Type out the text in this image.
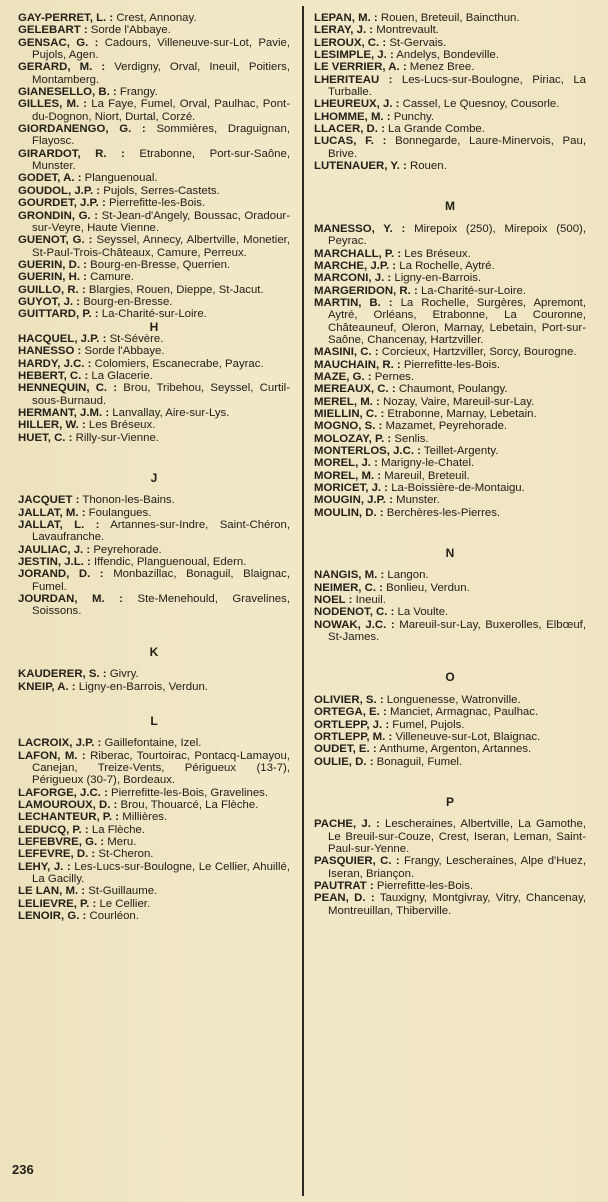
GAY-PERRET, L. : Crest, Annonay.

GELEBART : Sorde l'Abbaye.

GENSAC, G. : Cadours, Villeneuve-sur-Lot, Pavie, Pujols, Agen.

GERARD, M. : Verdigny, Orval, Ineuil, Poitiers, Montamberg.

GIANESELLO, B. : Frangy.

GILLES, M. : La Faye, Fumel, Orval, Paulhac, Pont-du-Dognon, Niort, Durtal, Corzé.

GIORDANENGO, G. : Sommières, Draguignan, Flayosc.

GIRARDOT, R. : Etrabonne, Port-sur-Saône, Munster.

GODET, A. : Planguenoual.

GOUDOL, J.P. : Pujols, Serres-Castets.

GOURDET, J.P. : Pierrefitte-les-Bois.

GRONDIN, G. : St-Jean-d'Angely, Boussac, Oradour-sur-Veyre, Haute Vienne.

GUENOT, G. : Seyssel, Annecy, Albertville, Monetier, St-Paul-Trois-Châteaux, Camure, Perreux.

GUERIN, D. : Bourg-en-Bresse, Querrien.

GUERIN, H. : Camure.

GUILLO, R. : Blargies, Rouen, Dieppe, St-Jacut.

GUYOT, J. : Bourg-en-Bresse.

GUITTARD, P. : La-Charité-sur-Loire.

H

HACQUEL, J.P. : St-Sévère.

HANESSO : Sorde l'Abbaye.

HARDY, J.C. : Colomiers, Escanecrabe, Payrac.

HEBERT, C. : La Glacerie.

HENNEQUIN, C. : Brou, Tribehou, Seyssel, Curtil-sous-Burnaud.

HERMANT, J.M. : Lanvallay, Aire-sur-Lys.

HILLER, W. : Les Bréseux.

HUET, C. : Rilly-sur-Vienne.

J

JACQUET : Thonon-les-Bains.

JALLAT, M. : Foulangues.

JALLAT, L. : Artannes-sur-Indre, Saint-Chéron, Lavaufranche.

JAULIAC, J. : Peyrehorade.

JESTIN, J.L. : Iffendic, Planguenoual, Edern.

JORAND, D. : Monbazillac, Bonaguil, Blaignac, Fumel.

JOURDAN, M. : Ste-Menehould, Gravelines, Soissons.

K

KAUDERER, S. : Givry.

KNEIP, A. : Ligny-en-Barrois, Verdun.

L

LACROIX, J.P. : Gaillefontaine, Izel.

LAFON, M. : Riberac, Tourtoirac, Pontacq-Lamayou, Canejan, Treize-Vents, Périgueux (13-7), Périgueux (30-7), Bordeaux.

LAFORGE, J.C. : Pierrefitte-les-Bois, Gravelines.

LAMOUROUX, D. : Brou, Thouarcé, La Flèche.

LECHANTEUR, P. : Millières.

LEDUCQ, P. : La Flèche.

LEFEBVRE, G. : Meru.

LEFEVRE, D. : St-Cheron.

LEHY, J. : Les-Lucs-sur-Boulogne, Le Cellier, Ahuillé, La Gacilly.

LE LAN, M. : St-Guillaume.

LELIEVRE, P. : Le Cellier.

LENOIR, G. : Courléon.

LEPAN, M. : Rouen, Breteuil, Baincthun.

LERAY, J. : Montrevault.

LEROUX, C. : St-Gervais.

LESIMPLE, J. : Andelys, Bondeville.

LE VERRIER, A. : Menez Bree.

LHERITEAU : Les-Lucs-sur-Boulogne, Piriac, La Turballe.

LHEUREUX, J. : Cassel, Le Quesnoy, Cousorle.

LHOMME, M. : Punchy.

LLACER, D. : La Grande Combe.

LUCAS, F. : Bonnegarde, Laure-Minervois, Pau, Brive.

LUTENAUER, Y. : Rouen.

M

MANESSO, Y. : Mirepoix (250), Mirepoix (500), Peyrac.

MARCHALL, P. : Les Bréseux.

MARCHE, J.P. : La Rochelle, Aytré.

MARCONI, J. : Ligny-en-Barrois.

MARGERIDON, R. : La-Charité-sur-Loire.

MARTIN, B. : La Rochelle, Surgères, Apremont, Aytré, Orléans, Etrabonne, La Couronne, Châteauneuf, Oleron, Marnay, Lebetain, Port-sur-Saône, Chancenay, Hartzviller.

MASINI, C. : Corcieux, Hartzviller, Sorcy, Bourogne.

MAUCHAIN, R. : Pierrefitte-les-Bois.

MAZE, G. : Pernes.

MEREAUX, C. : Chaumont, Poulangy.

MEREL, M. : Nozay, Vaire, Mareuil-sur-Lay.

MIELLIN, C. : Etrabonne, Marnay, Lebetain.

MOGNO, S. : Mazamet, Peyrehorade.

MOLOZAY, P. : Senlis.

MONTERLOS, J.C. : Teillet-Argenty.

MOREL, J. : Marigny-le-Chatel.

MOREL, M. : Mareuil, Breteuil.

MORICET, J. : La-Boissière-de-Montaigu.

MOUGIN, J.P. : Munster.

MOULIN, D. : Berchères-les-Pierres.

N

NANGIS, M. : Langon.

NEIMER, C. : Bonlieu, Verdun.

NOEL : Ineuil.

NODENOT, C. : La Voulte.

NOWAK, J.C. : Mareuil-sur-Lay, Buxerolles, Elbœuf, St-James.

O

OLIVIER, S. : Longuenesse, Watronville.

ORTEGA, E. : Manciet, Armagnac, Paulhac.

ORTLEPP, J. : Fumel, Pujols.

ORTLEPP, M. : Villeneuve-sur-Lot, Blaignac.

OUDET, E. : Anthume, Argenton, Artannes.

OULIE, D. : Bonaguil, Fumel.

P

PACHE, J. : Lescheraines, Albertville, La Gamothe, Le Breuil-sur-Couze, Crest, Iseran, Leman, Saint-Paul-sur-Yenne.

PASQUIER, C. : Frangy, Lescheraines, Alpe d'Huez, Iseran, Briançon.

PAUTRAT : Pierrefitte-les-Bois.

PEAN, D. : Tauxigny, Montgivray, Vitry, Chancenay, Montreuillan, Thiberville.

236
